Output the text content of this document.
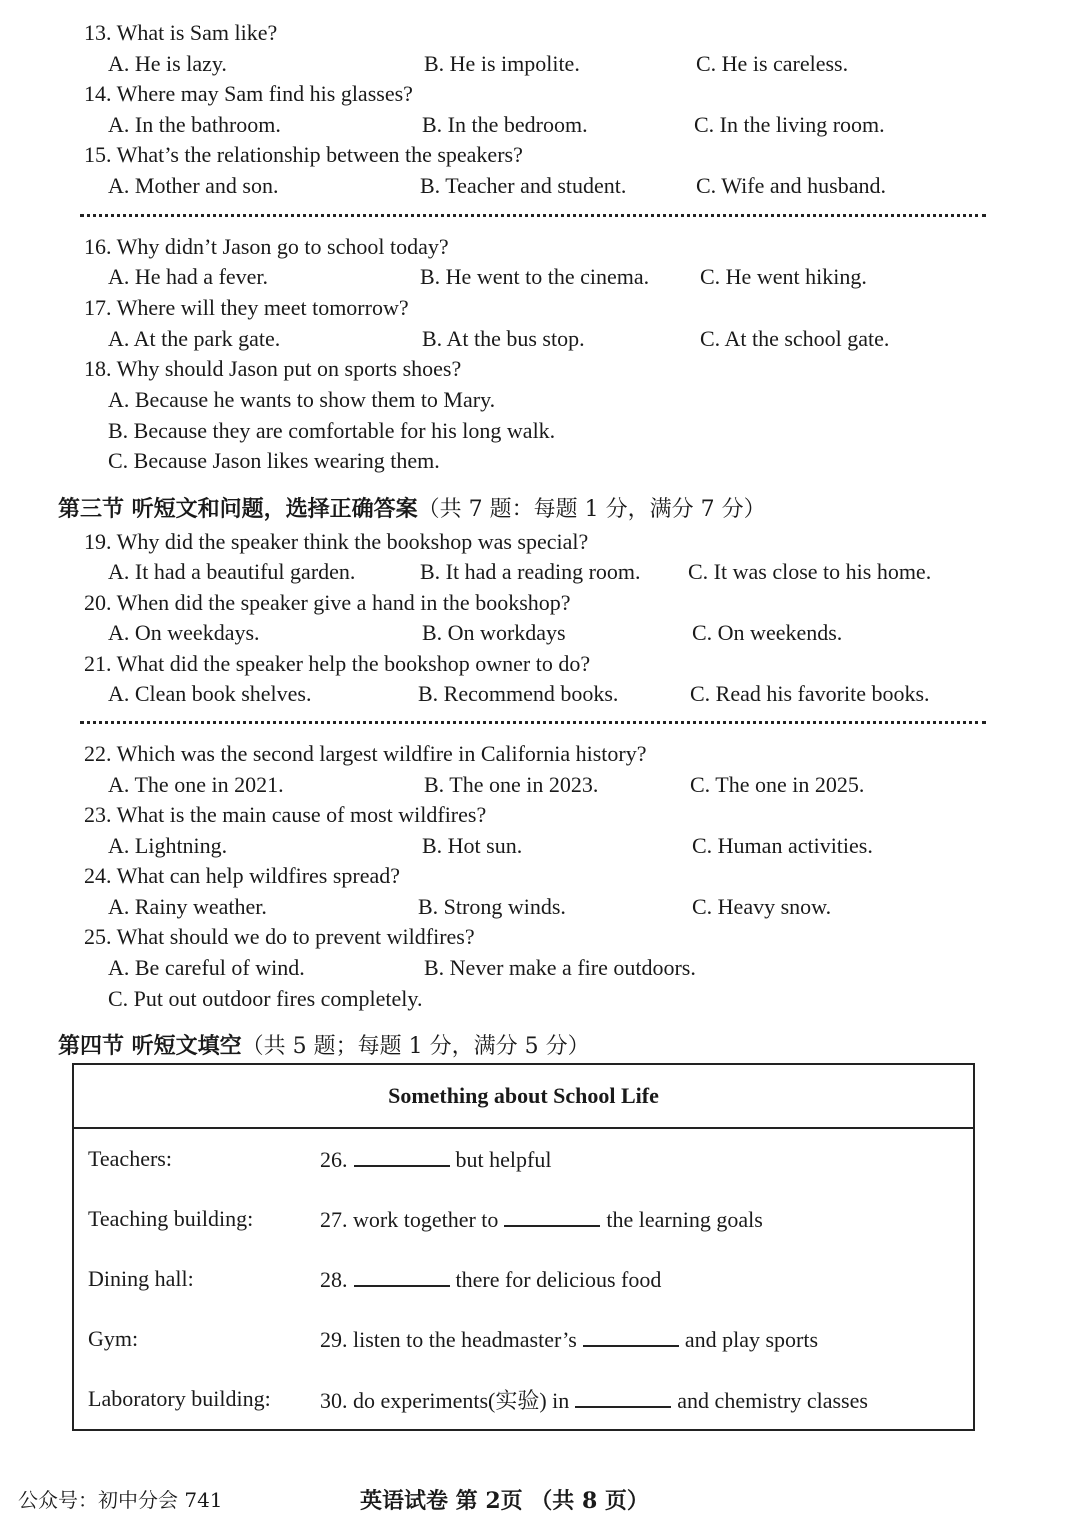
13. What is Sam like?
A. He is lazy.	B. He is impolite.	C. He is careless.
14. Where may Sam find his glasses?
A. In the bathroom.	B. In the bedroom.	C. In the living room.
15. What’s the relationship between the speakers?
A. Mother and son.	B. Teacher and student.	C. Wife and husband.
16. Why didn’t Jason go to school today?
A. He had a fever.	B. He went to the cinema. C. He went hiking.
17. Where will they meet tomorrow?
A. At the park gate.	B. At the bus stop.	C. At the school gate.
18. Why should Jason put on sports shoes?
A. Because he wants to show them to Mary.
B. Because they are comfortable for his long walk.
C. Because Jason likes wearing them.
第三节 听短文和问题，选择正确答案（共 7 题：每题 1 分，满分 7 分）
19. Why did the speaker think the bookshop was special?
A. It had a beautiful garden.	B. It had a reading room. C. It was close to his home.
20. When did the speaker give a hand in the bookshop?
A. On weekdays.	B. On workdays	C. On weekends.
21. What did the speaker help the bookshop owner to do?
A. Clean book shelves.	B. Recommend books.	C. Read his favorite books.
22. Which was the second largest wildfire in California history?
A. The one in 2021.	B. The one in 2023.	C. The one in 2025.
23. What is the main cause of most wildfires?
A. Lightning.	B. Hot sun.	C. Human activities.
24. What can help wildfires spread?
A. Rainy weather.	B. Strong winds.	C. Heavy snow.
25. What should we do to prevent wildfires?
A. Be careful of wind.	B. Never make a fire outdoors.
C. Put out outdoor fires completely.
第四节 听短文填空（共 5 题；每题 1 分，满分 5 分）
Something about School Life	
Teachers:	26. but helpful
Teaching building:	27. work together to the learning goals
Dining hall:	28. there for delicious food
Gym:	29. listen to the headmaster’s and play sports
Laboratory building:	30. do experiments(实验) in and chemistry classes
公众号：初中分会 741	英语试卷 第 2页 （共 8 页）
